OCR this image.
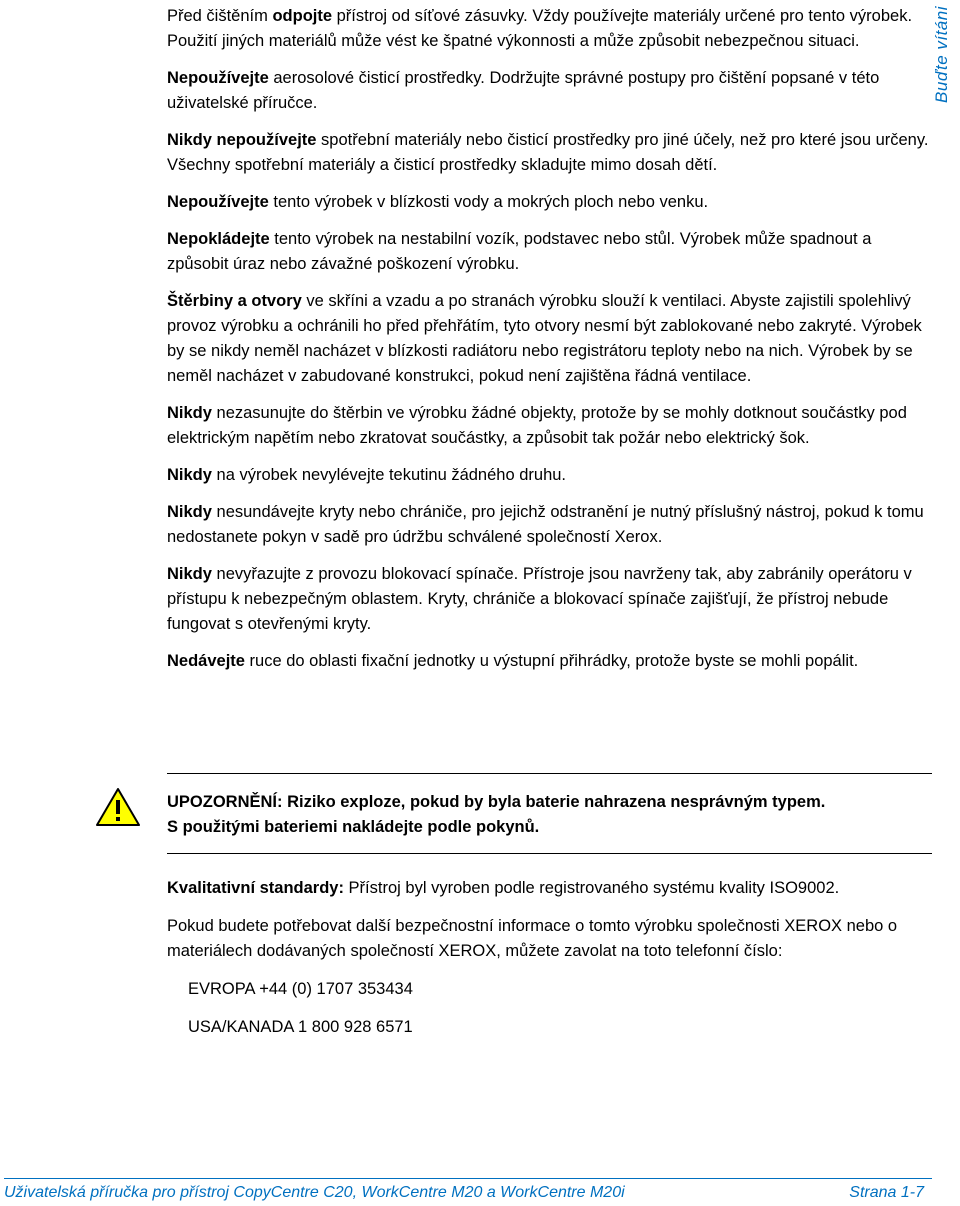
Buďte vítáni

Před čištěním odpojte přístroj od síťové zásuvky. Vždy používejte materiály určené pro tento výrobek. Použití jiných materiálů může vést ke špatné výkonnosti a může způsobit nebezpečnou situaci.

Nepoužívejte aerosolové čisticí prostředky. Dodržujte správné postupy pro čištění popsané v této uživatelské příručce.

Nikdy nepoužívejte spotřební materiály nebo čisticí prostředky pro jiné účely, než pro které jsou určeny. Všechny spotřební materiály a čisticí prostředky skladujte mimo dosah dětí.

Nepoužívejte tento výrobek v blízkosti vody a mokrých ploch nebo venku.

Nepokládejte tento výrobek na nestabilní vozík, podstavec nebo stůl. Výrobek může spadnout a způsobit úraz nebo závažné poškození výrobku.

Štěrbiny a otvory ve skříni a vzadu a po stranách výrobku slouží k ventilaci. Abyste zajistili spolehlivý provoz výrobku a ochránili ho před přehřátím, tyto otvory nesmí být zablokované nebo zakryté. Výrobek by se nikdy neměl nacházet v blízkosti radiátoru nebo registrátoru teploty nebo na nich. Výrobek by se neměl nacházet v zabudované konstrukci, pokud není zajištěna řádná ventilace.

Nikdy nezasunujte do štěrbin ve výrobku žádné objekty, protože by se mohly dotknout součástky pod elektrickým napětím nebo zkratovat součástky, a způsobit tak požár nebo elektrický šok.

Nikdy na výrobek nevylévejte tekutinu žádného druhu.

Nikdy nesundávejte kryty nebo chrániče, pro jejichž odstranění je nutný příslušný nástroj, pokud k tomu nedostanete pokyn v sadě pro údržbu schválené společností Xerox.

Nikdy nevyřazujte z provozu blokovací spínače. Přístroje jsou navrženy tak, aby zabránily operátoru v přístupu k nebezpečným oblastem. Kryty, chrániče a blokovací spínače zajišťují, že přístroj nebude fungovat s otevřenými kryty.

Nedávejte ruce do oblasti fixační jednotky u výstupní přihrádky, protože byste se mohli popálit.

UPOZORNĚNÍ: Riziko exploze, pokud by byla baterie nahrazena nesprávným typem.
S použitými bateriemi nakládejte podle pokynů.

Kvalitativní standardy: Přístroj byl vyroben podle registrovaného systému kvality ISO9002.

Pokud budete potřebovat další bezpečnostní informace o tomto výrobku společnosti XEROX nebo o materiálech dodávaných společností XEROX, můžete zavolat na toto telefonní číslo:

EVROPA +44 (0) 1707 353434
USA/KANADA 1 800 928 6571
Uživatelská příručka pro přístroj CopyCentre C20, WorkCentre M20 a WorkCentre M20i	Strana 1-7
